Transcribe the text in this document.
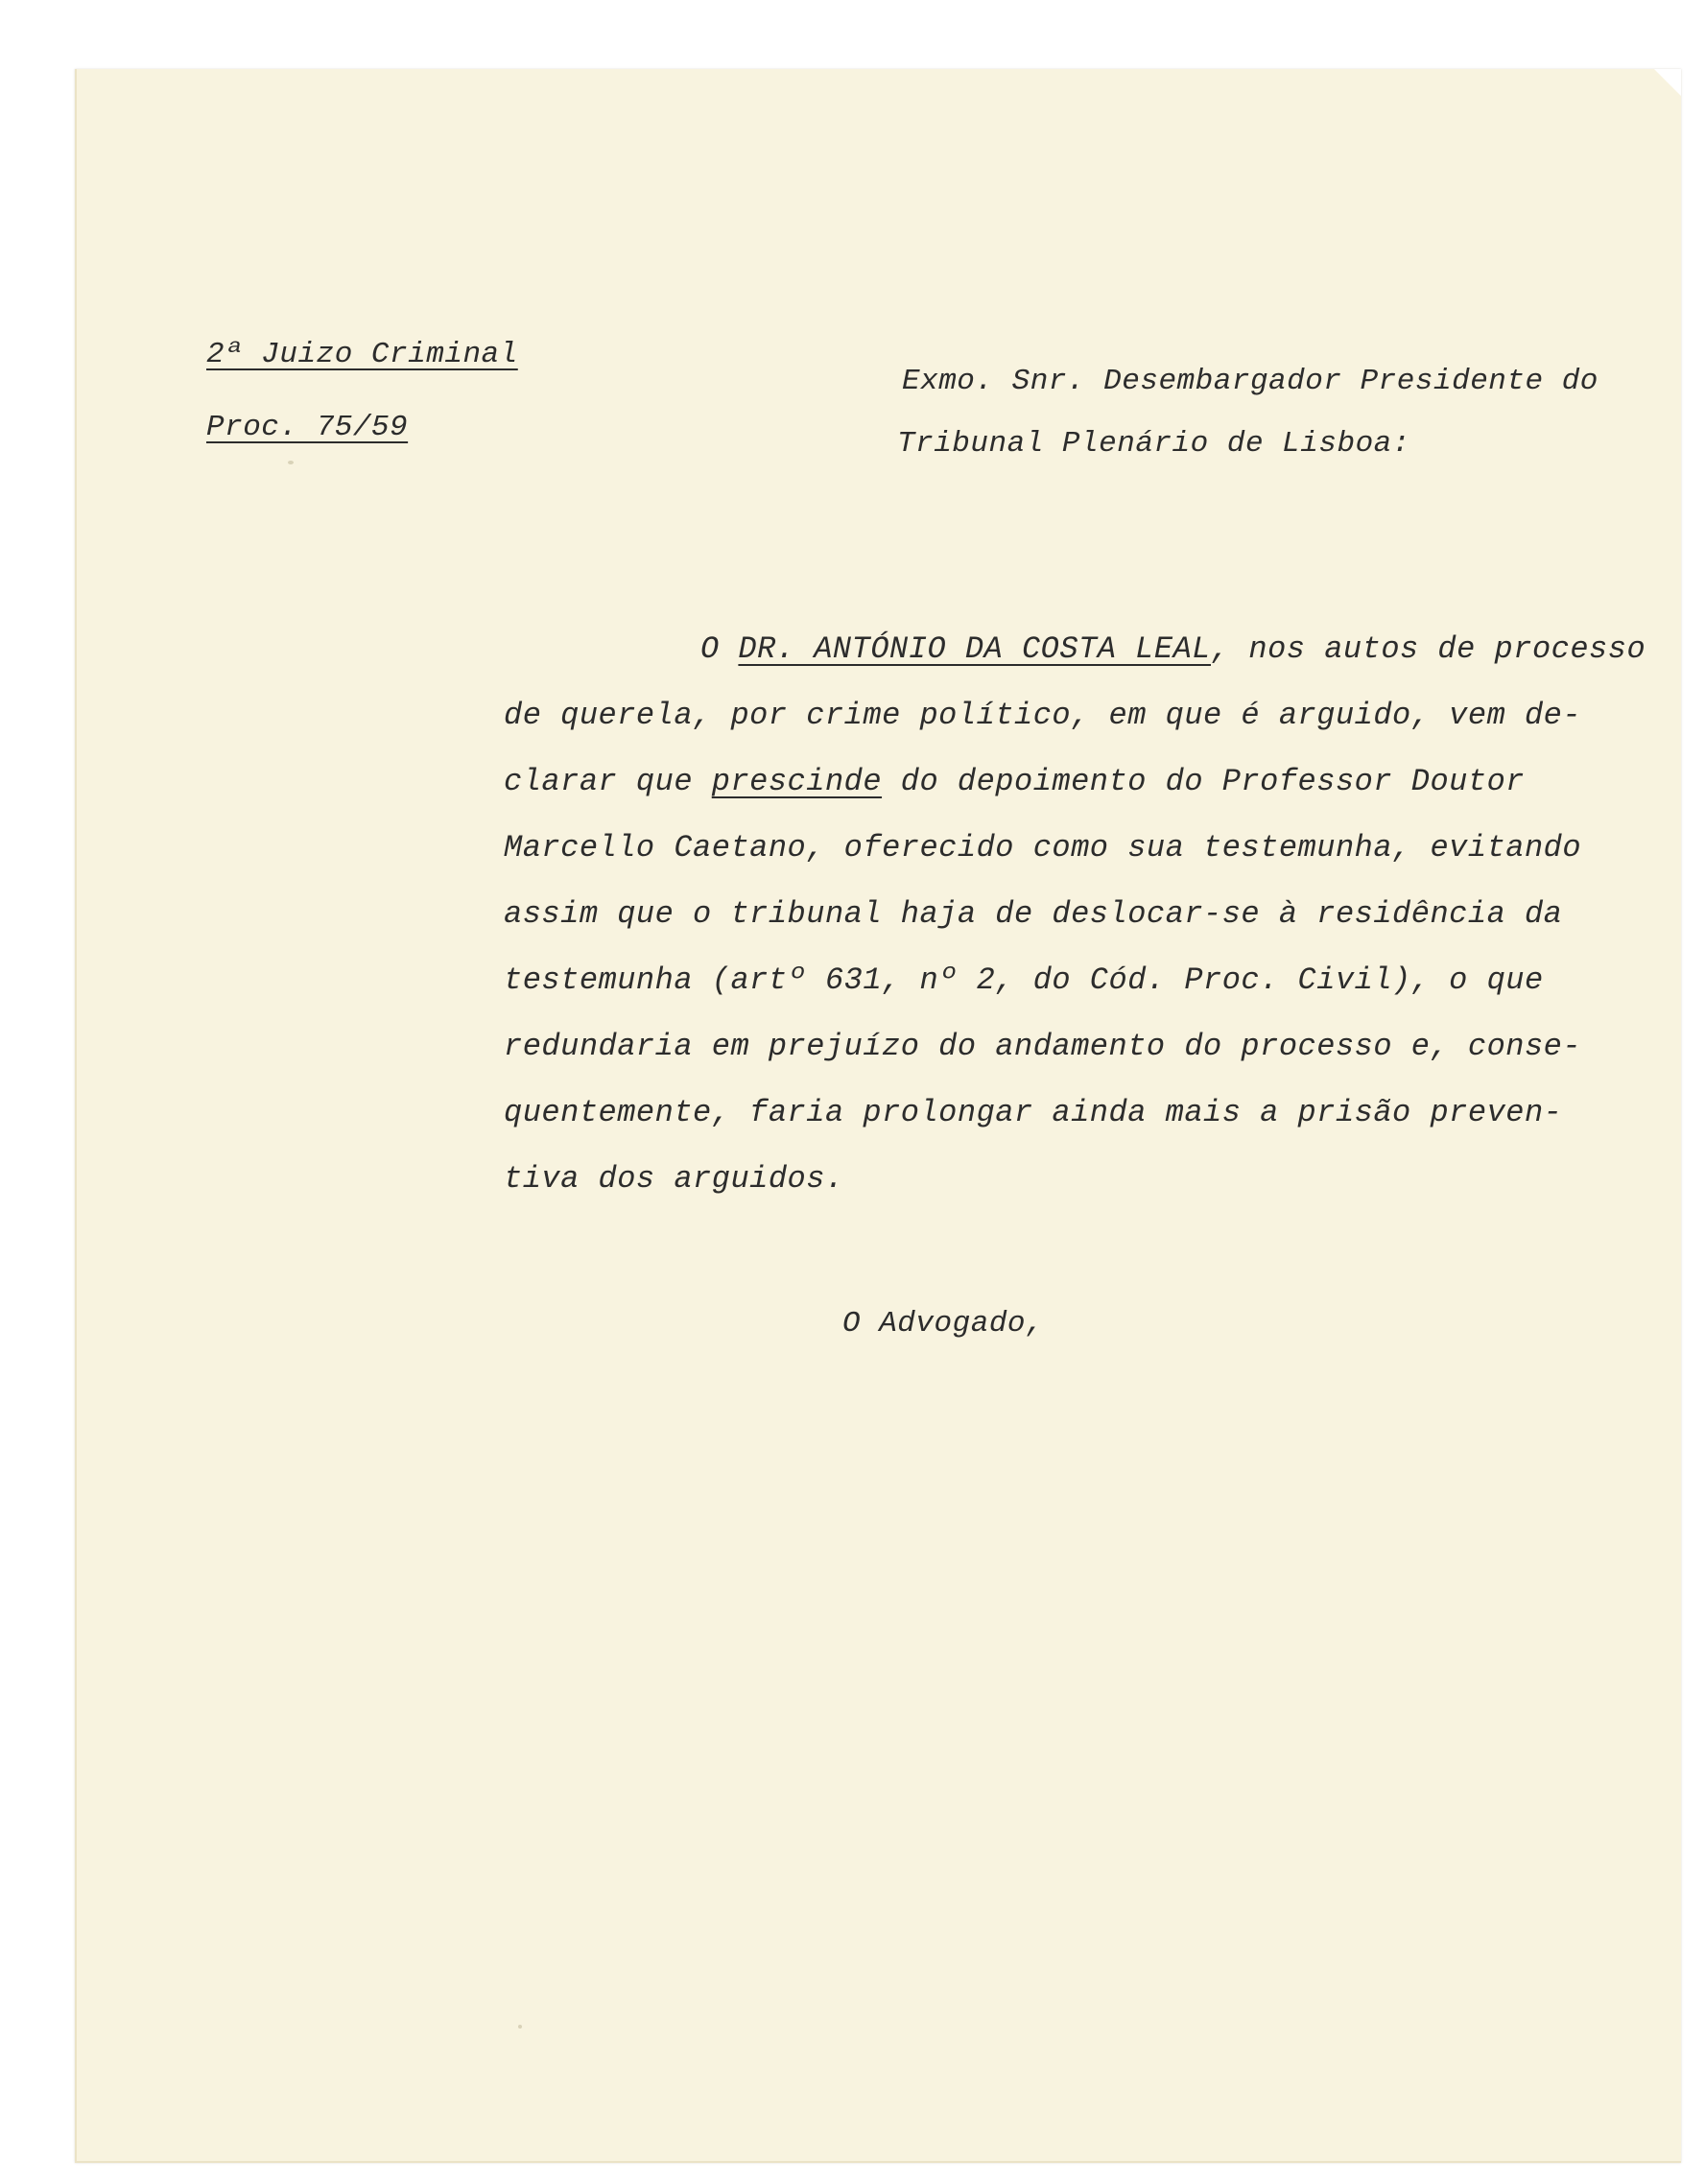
2ª Juizo Criminal
Proc. 75/59
Exmo. Snr. Desembargador Presidente do
Tribunal Plenário de Lisboa:
O DR. ANTÓNIO DA COSTA LEAL, nos autos de processo
de querela, por crime político, em que é arguido, vem de-
clarar que prescinde do depoimento do Professor Doutor
Marcello Caetano, oferecido como sua testemunha, evitando
assim que o tribunal haja de deslocar-se à residência da
testemunha (artº 631, nº 2, do Cód. Proc. Civil), o que
redundaria em prejuízo do andamento do processo e, conse-
quentemente, faria prolongar ainda mais a prisão preven-
tiva dos arguidos.
O Advogado,
